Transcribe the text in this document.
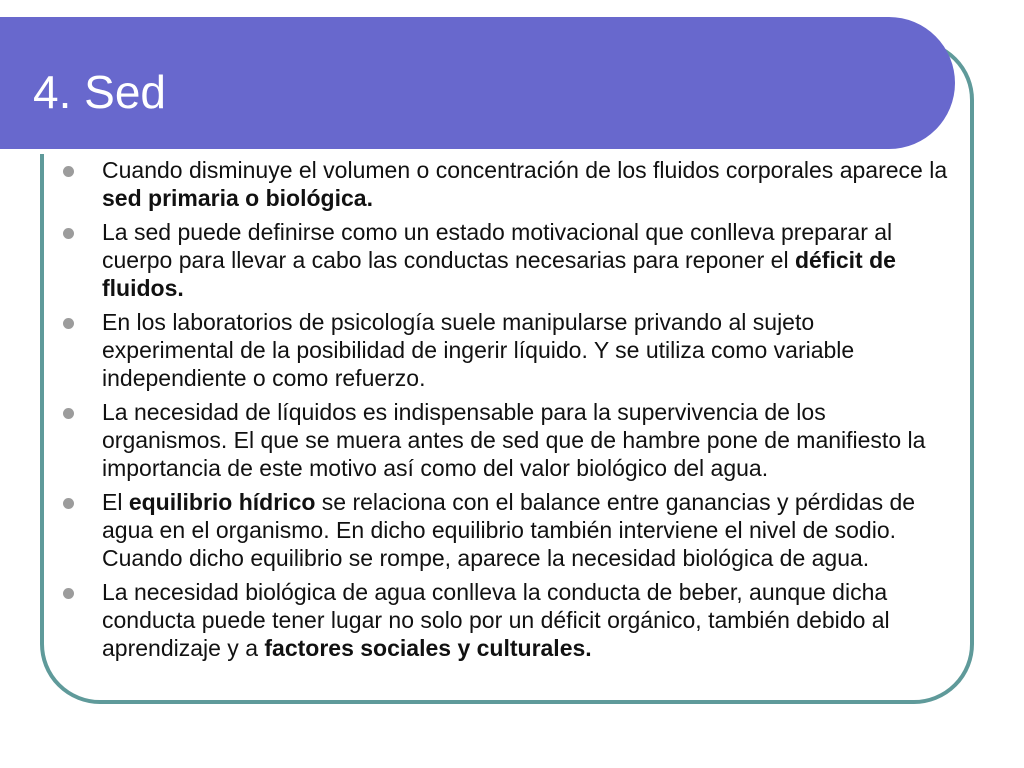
4. Sed
Cuando disminuye el volumen o concentración de los fluidos corporales aparece la sed primaria o biológica.
La sed puede definirse como un estado motivacional que conlleva preparar al cuerpo para llevar a cabo las conductas necesarias para reponer el déficit de fluidos.
En los laboratorios de psicología suele manipularse privando al sujeto experimental de la posibilidad de ingerir líquido. Y se utiliza como variable independiente o como refuerzo.
La necesidad de líquidos es indispensable para la supervivencia de los organismos. El que se muera antes de sed que de hambre pone de manifiesto la importancia de este motivo así como del valor biológico del agua.
El equilibrio hídrico se relaciona con el balance entre ganancias y pérdidas de agua en el organismo. En dicho equilibrio también interviene el nivel de sodio. Cuando dicho equilibrio se rompe, aparece la necesidad biológica de agua.
La necesidad biológica de agua conlleva la conducta de beber, aunque dicha conducta puede tener lugar no solo por un déficit orgánico, también debido al aprendizaje y a factores sociales y culturales.
